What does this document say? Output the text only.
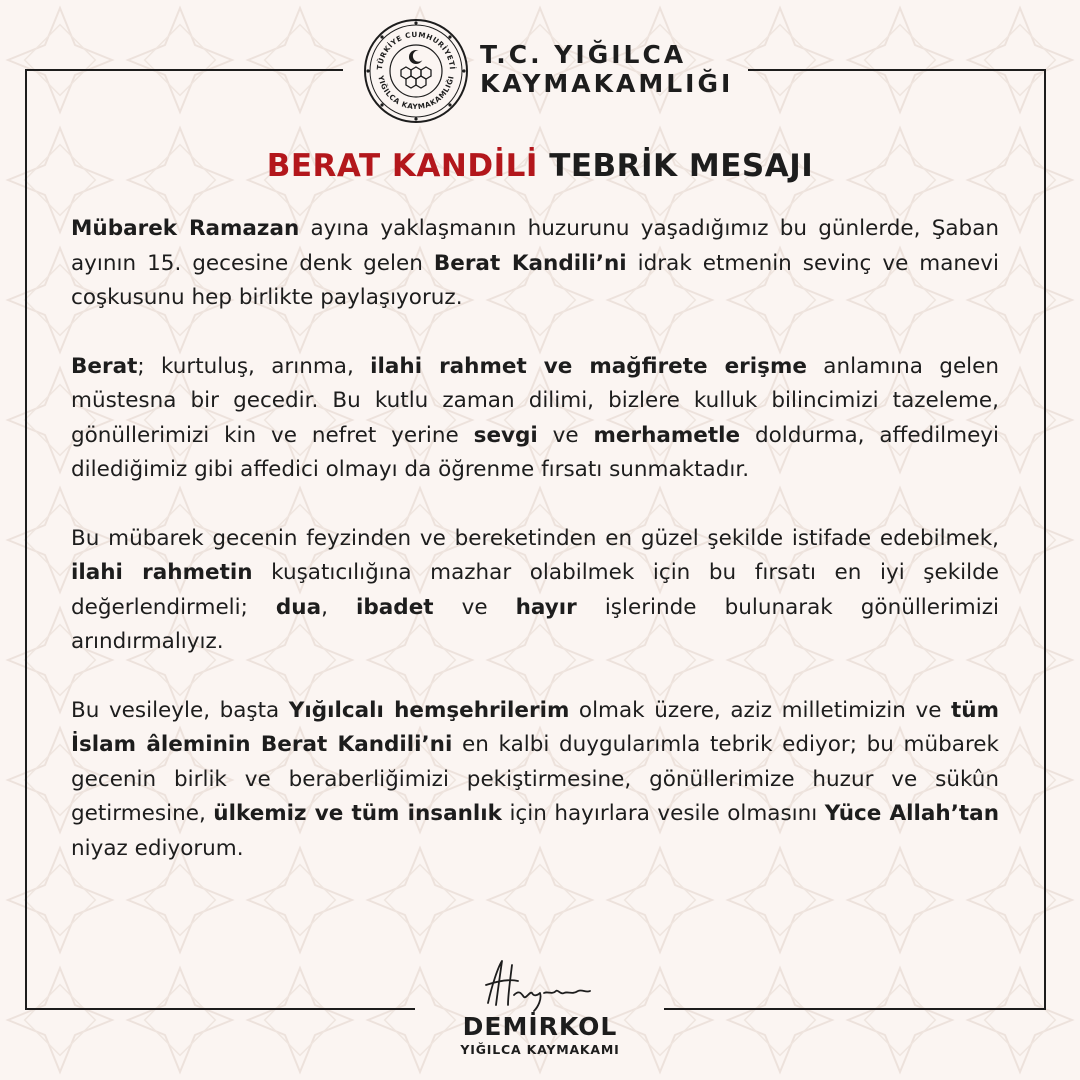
TÜRKİYE CUMHURİYETİ
YIĞILCA KAYMAKAMLIĞI
T.C. YIĞILCA
KAYMAKAMLIĞI
BERAT KANDİLİ TEBRİK MESAJI

Mübarek Ramazan ayına yaklaşmanın huzurunu yaşadığımız bu günlerde, Şaban ayının 15. gecesine denk gelen Berat Kandili’ni idrak etmenin sevinç ve manevi coşkusunu hep birlikte paylaşıyoruz.

Berat; kurtuluş, arınma, ilahi rahmet ve mağfirete erişme anlamına gelen müstesna bir gecedir. Bu kutlu zaman dilimi, bizlere kulluk bilincimizi tazeleme, gönüllerimizi kin ve nefret yerine sevgi ve merhametle doldurma, affedilmeyi dilediğimiz gibi affedici olmayı da öğrenme fırsatı sunmaktadır.

Bu mübarek gecenin feyzinden ve bereketinden en güzel şekilde istifade edebilmek, ilahi rahmetin kuşatıcılığına mazhar olabilmek için bu fırsatı en iyi şekilde değerlendirmeli; dua, ibadet ve hayır işlerinde bulunarak gönüllerimizi arındırmalıyız.

Bu vesileyle, başta Yığılcalı hemşehrilerim olmak üzere, aziz milletimizin ve tüm İslam âleminin Berat Kandili’ni en kalbi duygularımla tebrik ediyor; bu mübarek gecenin birlik ve beraberliğimizi pekiştirmesine, gönüllerimize huzur ve sükûn getirmesine, ülkemiz ve tüm insanlık için hayırlara vesile olmasını Yüce Allah’tan niyaz ediyorum.

DEMİRKOL
YIĞILCA KAYMAKAMI
